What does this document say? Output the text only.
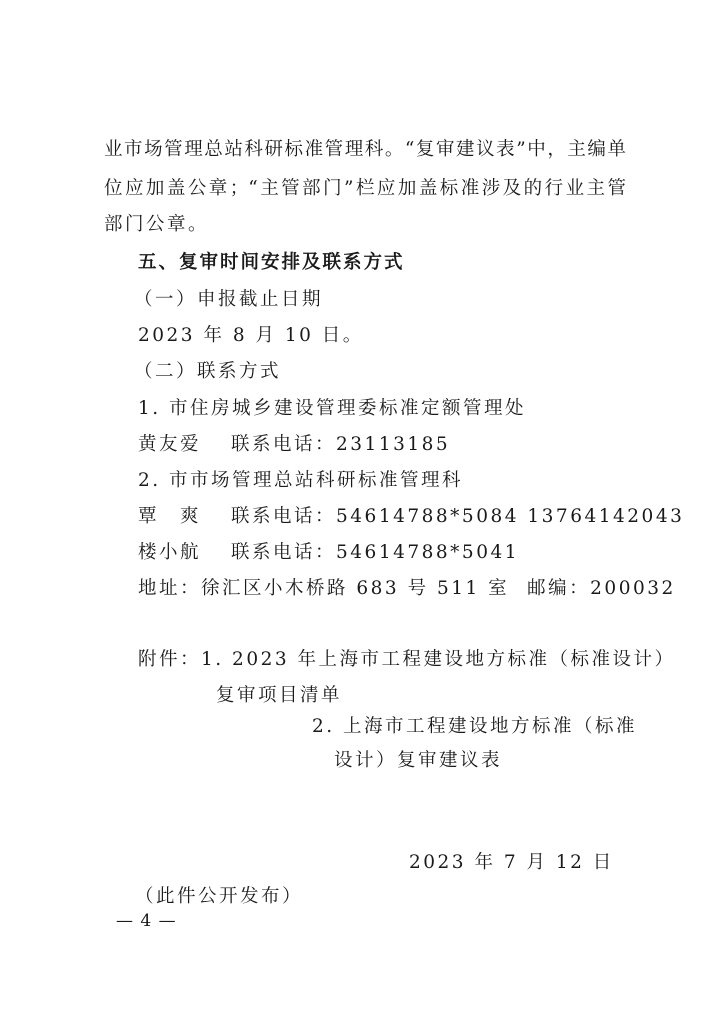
业市场管理总站科研标准管理科。“复审建议表”中，主编单
位应加盖公章；“主管部门”栏应加盖标准涉及的行业主管
部门公章。
五、复审时间安排及联系方式
（一）申报截止日期
2023 年 8 月 10 日。
（二）联系方式
1. 市住房城乡建设管理委标准定额管理处
黄友爱 联系电话：23113185
2. 市市场管理总站科研标准管理科
覃　爽 联系电话：54614788*5084 13764142043
楼小航 联系电话：54614788*5041
地址：徐汇区小木桥路 683 号 511 室 邮编：200032
附件：1. 2023 年上海市工程建设地方标准（标准设计）
复审项目清单
2. 上海市工程建设地方标准（标准
设计）复审建议表
2023 年 7 月 12 日
（此件公开发布）
— 4 —
